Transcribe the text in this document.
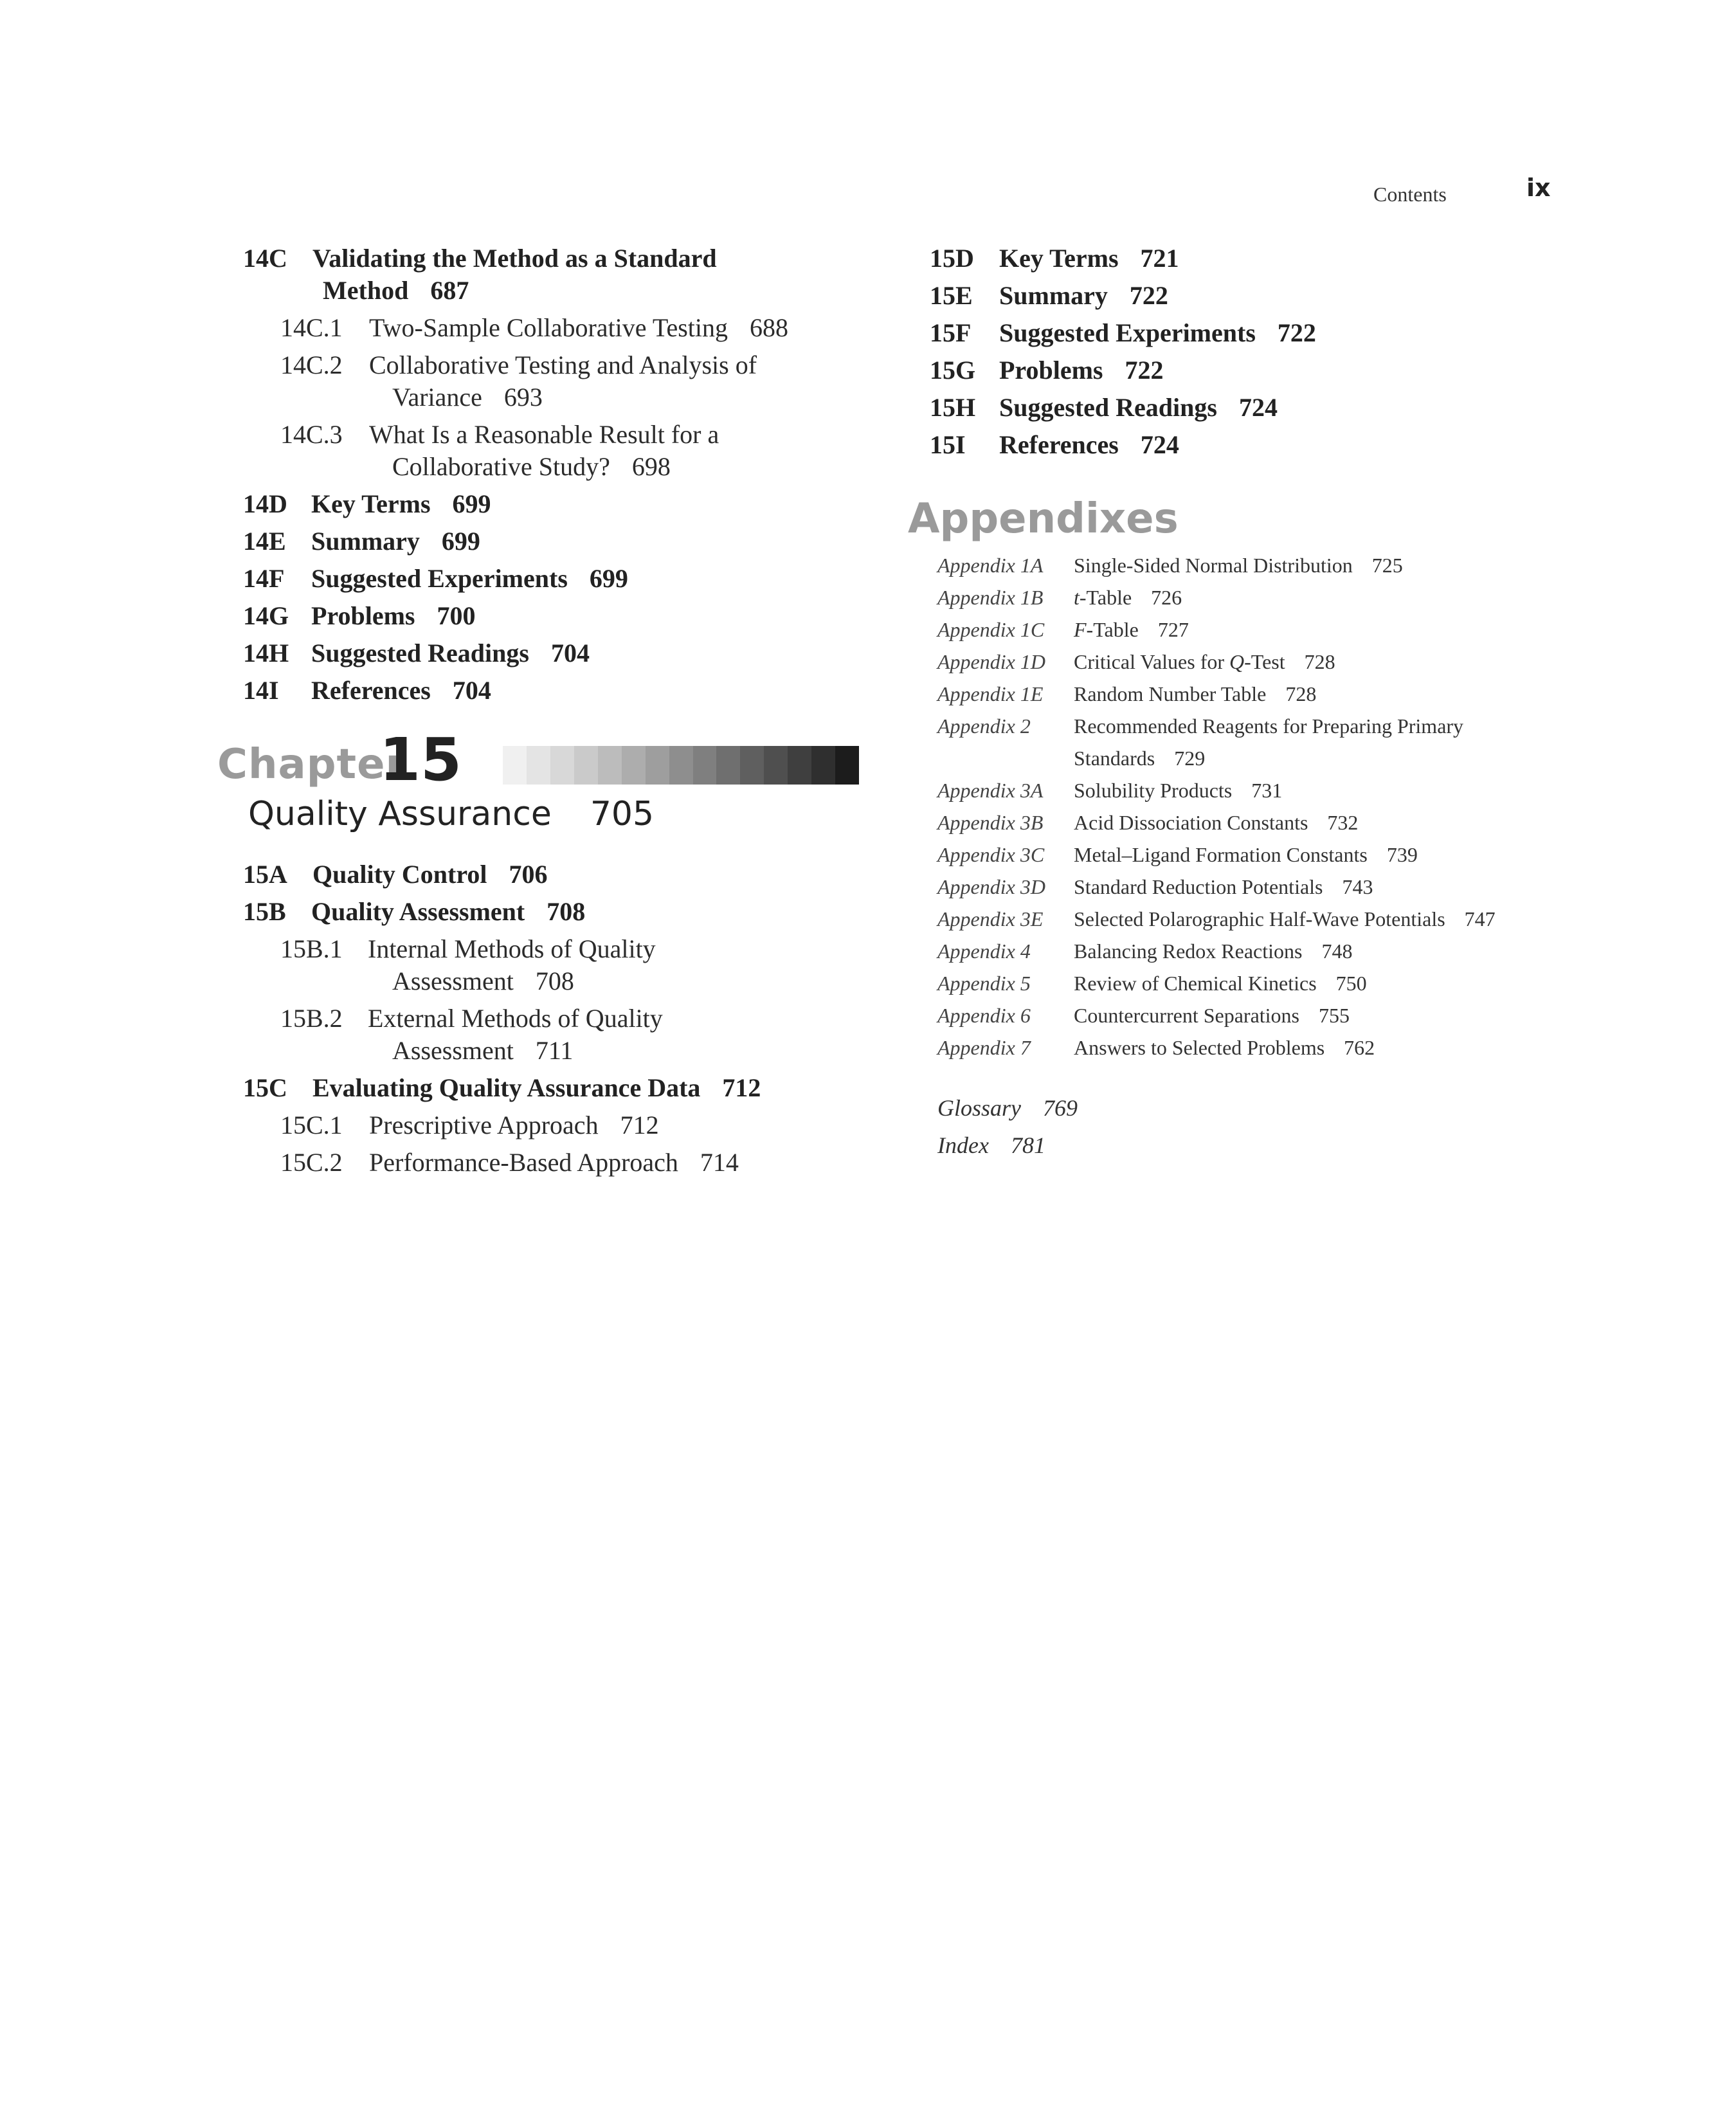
Contents	ix
14C Validating the Method as a Standard
Method 687
14C.1 Two-Sample Collaborative Testing 688
14C.2 Collaborative Testing and Analysis of
Variance 693
14C.3 What Is a Reasonable Result for a
Collaborative Study? 698
14D Key Terms 699
14E Summary 699
14F Suggested Experiments 699
14G Problems 700
14H Suggested Readings 704
14I References 704
Chapter
15
Quality Assurance 705
15A Quality Control 706
15B Quality Assessment 708
15B.1 Internal Methods of Quality
Assessment 708
15B.2 External Methods of Quality
Assessment 711
15C Evaluating Quality Assurance Data 712
15C.1 Prescriptive Approach 712
15C.2 Performance-Based Approach 714
15D Key Terms 721
15E Summary 722
15F Suggested Experiments 722
15G Problems 722
15H Suggested Readings 724
15I References 724
Appendixes
Appendix 1A Single-Sided Normal Distribution 725
Appendix 1B t-Table 726
Appendix 1C F-Table 727
Appendix 1D Critical Values for Q-Test 728
Appendix 1E Random Number Table 728
Appendix 2 Recommended Reagents for Preparing Primary
Standards 729
Appendix 3A Solubility Products 731
Appendix 3B Acid Dissociation Constants 732
Appendix 3C Metal–Ligand Formation Constants 739
Appendix 3D Standard Reduction Potentials 743
Appendix 3E Selected Polarographic Half-Wave Potentials 747
Appendix 4 Balancing Redox Reactions 748
Appendix 5 Review of Chemical Kinetics 750
Appendix 6 Countercurrent Separations 755
Appendix 7 Answers to Selected Problems 762
Glossary 769
Index 781
